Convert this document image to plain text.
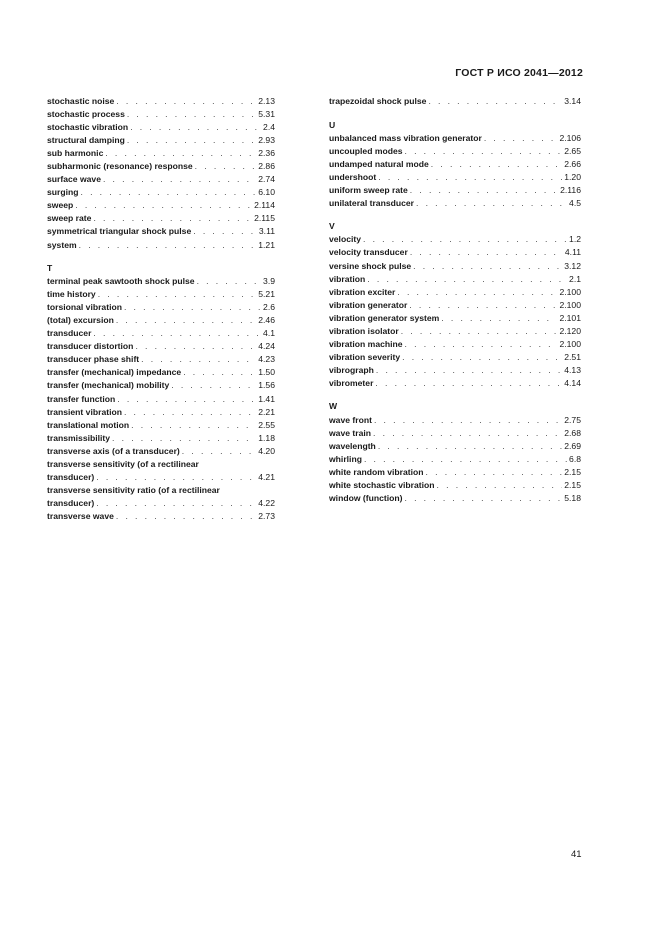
ГОСТ Р ИСО 2041—2012
stochastic noise . . .	2.13
stochastic process . . .	5.31
stochastic vibration . . .	2.4
structural damping . . .	2.93
sub harmonic . . .	2.36
subharmonic (resonance) response . . .	2.86
surface wave . . .	2.74
surging . . .	6.10
sweep . . .	2.114
sweep rate . . .	2.115
symmetrical triangular shock pulse . . .	3.11
system . . .	1.21
T
terminal peak sawtooth shock pulse . . .	3.9
time history . . .	5.21
torsional vibration . . .	2.6
(total) excursion . . .	2.46
transducer . . .	4.1
transducer distortion . . .	4.24
transducer phase shift . . .	4.23
transfer (mechanical) impedance . . .	1.50
transfer (mechanical) mobility . . .	1.56
transfer function . . .	1.41
transient vibration . . .	2.21
translational motion . . .	2.55
transmissibility . . .	1.18
transverse axis (of a transducer) . . .	4.20
transverse sensitivity (of a rectilinear
transducer) . . .	4.21
transverse sensitivity ratio (of a rectilinear
transducer) . . .	4.22
transverse wave . . .	2.73
trapezoidal shock pulse . . .	3.14
U
unbalanced mass vibration generator . . .	2.106
uncoupled modes . . .	2.65
undamped natural mode . . .	2.66
undershoot . . .	1.20
uniform sweep rate . . .	2.116
unilateral transducer . . .	4.5
V
velocity . . .	1.2
velocity transducer . . .	4.11
versine shock pulse . . .	3.12
vibration . . .	2.1
vibration exciter . . .	2.100
vibration generator . . .	2.100
vibration generator system . . .	2.101
vibration isolator . . .	2.120
vibration machine . . .	2.100
vibration severity . . .	2.51
vibrograph . . .	4.13
vibrometer . . .	4.14
W
wave front . . .	2.75
wave train . . .	2.68
wavelength . . .	2.69
whirling . . .	6.8
white random vibration . . .	2.15
white stochastic vibration . . .	2.15
window (function) . . .	5.18
41
